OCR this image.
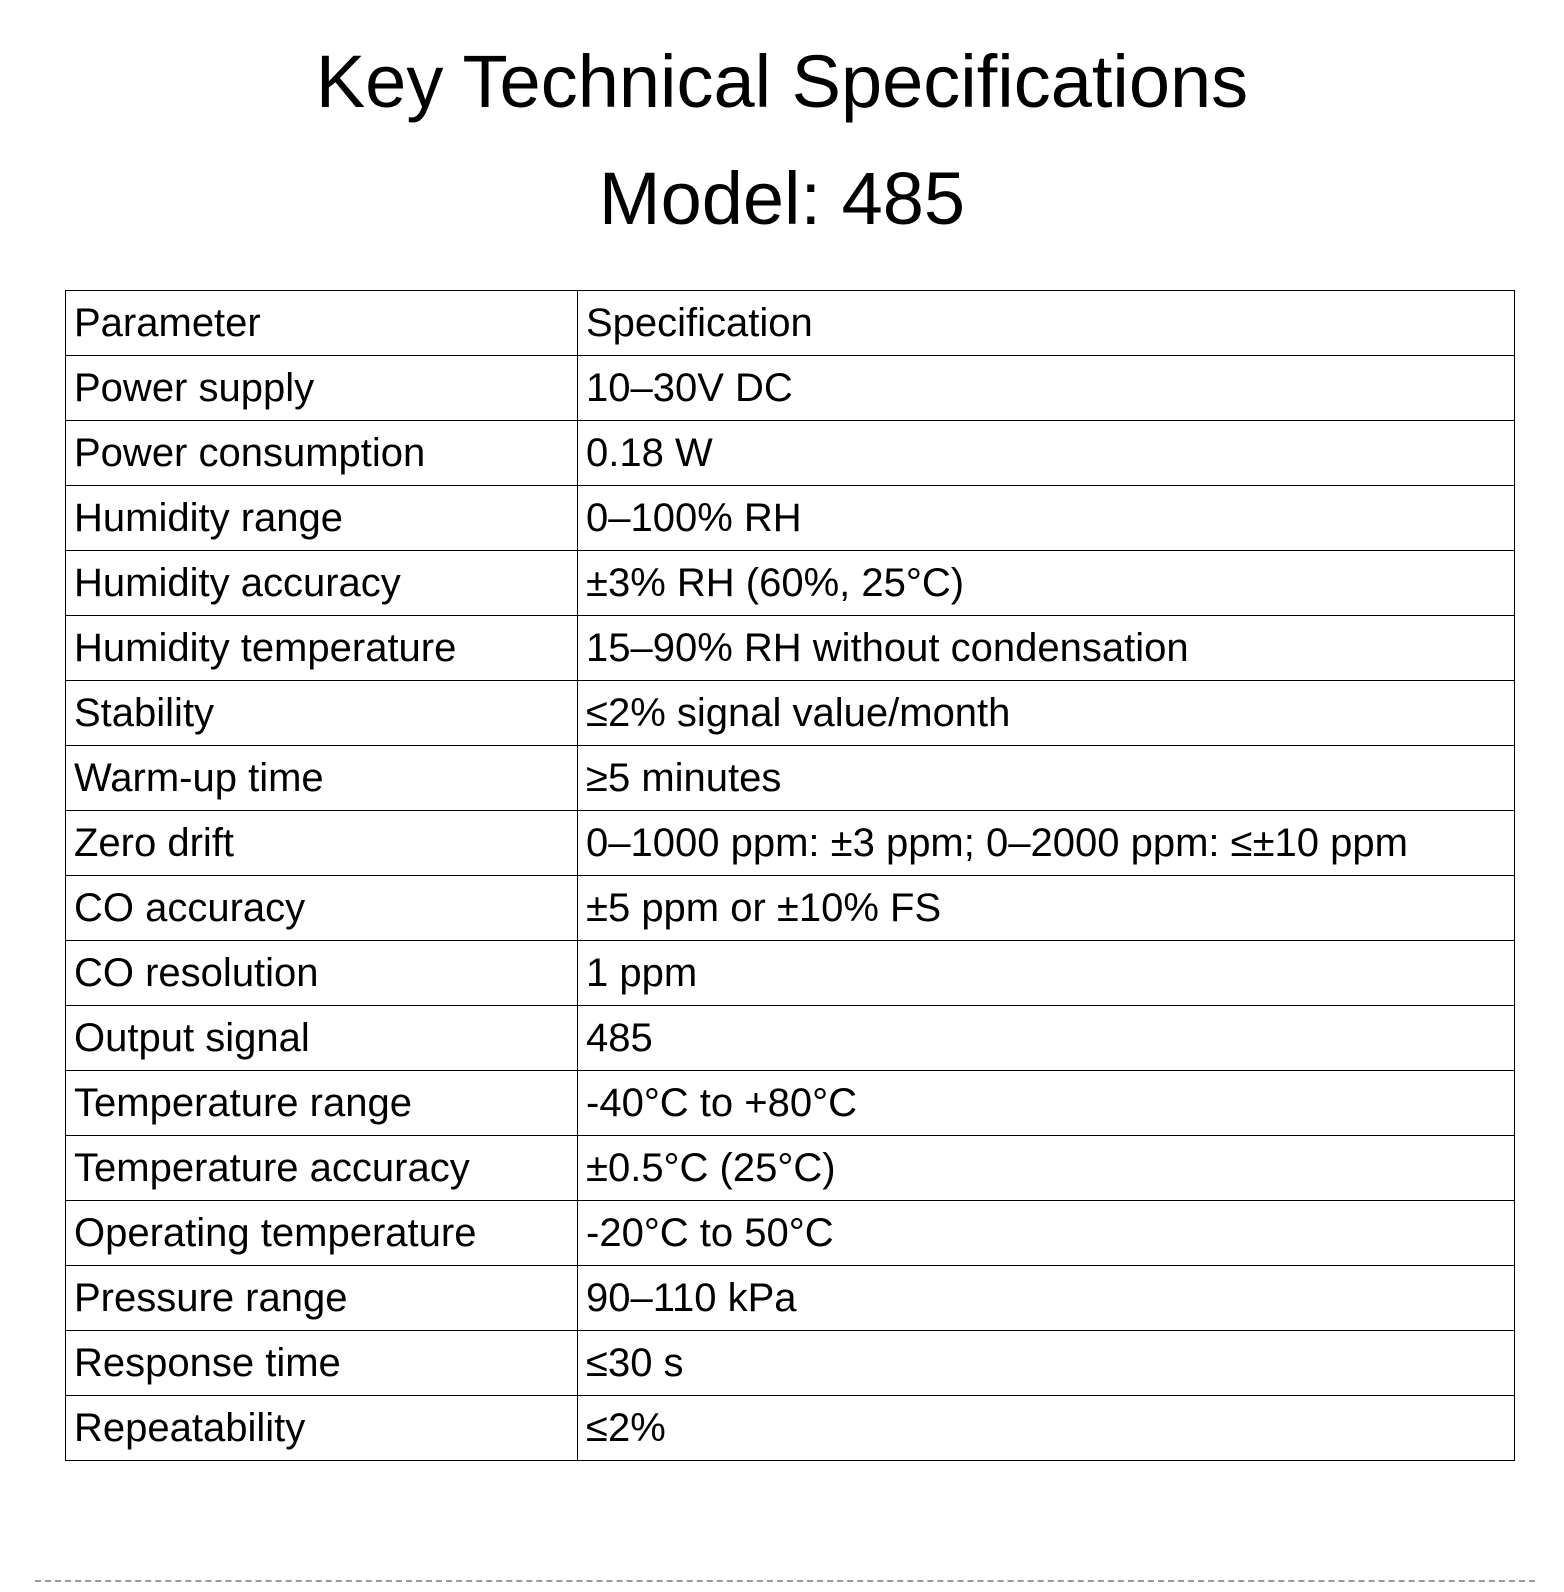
Key Technical Specifications
Model: 485
Parameter	Specification
Power supply	10–30V DC
Power consumption	0.18 W
Humidity range	0–100% RH
Humidity accuracy	±3% RH (60%, 25°C)
Humidity temperature	15–90% RH without condensation
Stability	≤2% signal value/month
Warm-up time	≥5 minutes
Zero drift	0–1000 ppm: ±3 ppm; 0–2000 ppm: ≤±10 ppm
CO accuracy	±5 ppm or ±10% FS
CO resolution	1 ppm
Output signal	485
Temperature range	-40°C to +80°C
Temperature accuracy	±0.5°C (25°C)
Operating temperature	-20°C to 50°C
Pressure range	90–110 kPa
Response time	≤30 s
Repeatability	≤2%
